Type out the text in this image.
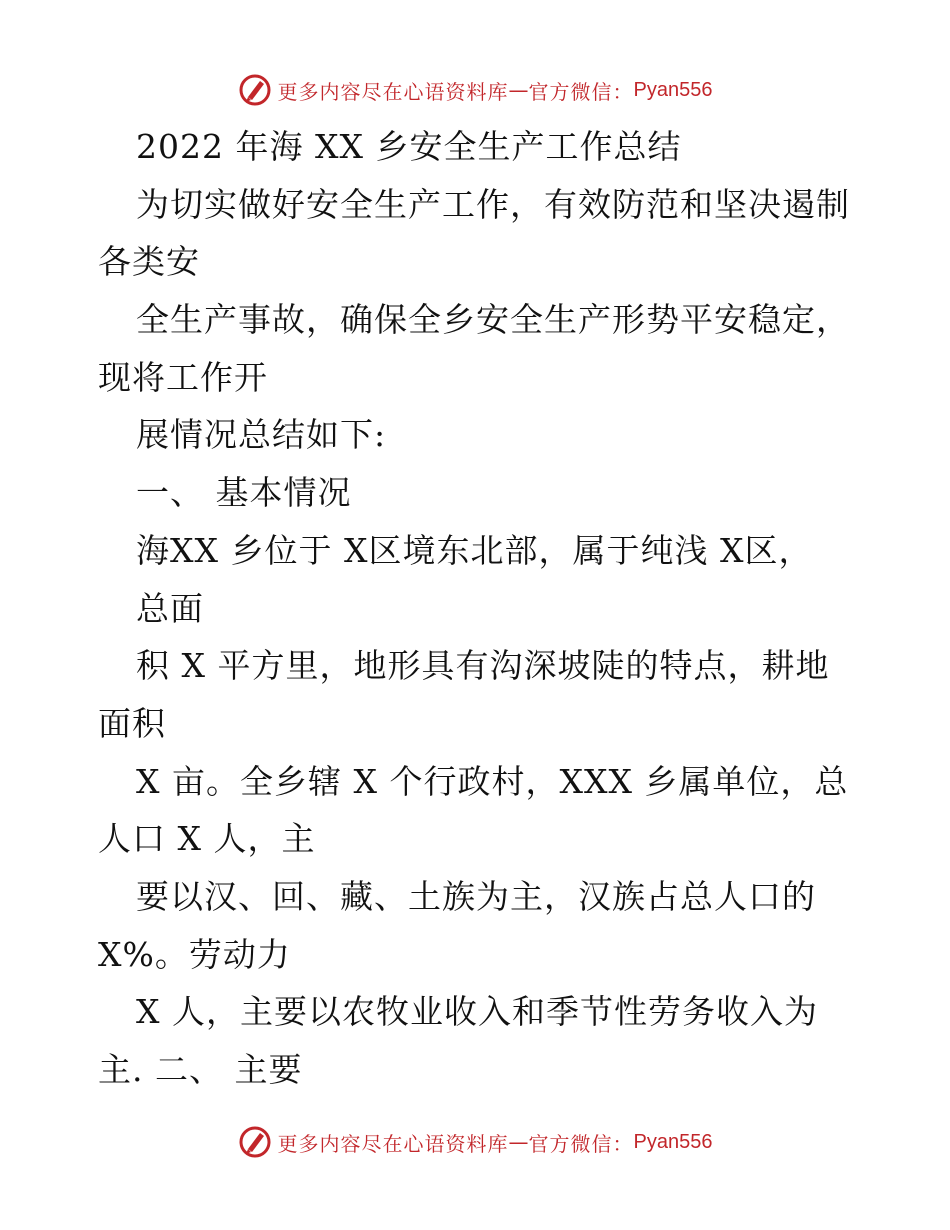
更多内容尽在心语资料库 — 官方微信： Pyan556
2022 年海 XX 乡安全生产工作总结
为切实做好安全生产工作，有效防范和坚决遏制
各类安
全生产事故，确保全乡安全生产形势平安稳定，
现将工作开
展情况总结如下:
一、 基本情况
海XX 乡位于 X区境东北部，属于纯浅 X区，
总面
积 X 平方里，地形具有沟深坡陡的特点，耕地
面积
X 亩。全乡辖 X 个行政村，XXX 乡属单位，总
人口 X 人，主
要以汉、回、藏、土族为主，汉族占总人口的
X%。劳动力
X 人，主要以农牧业收入和季节性劳务收入为
主. 二、 主要
更多内容尽在心语资料库 — 官方微信： Pyan556
